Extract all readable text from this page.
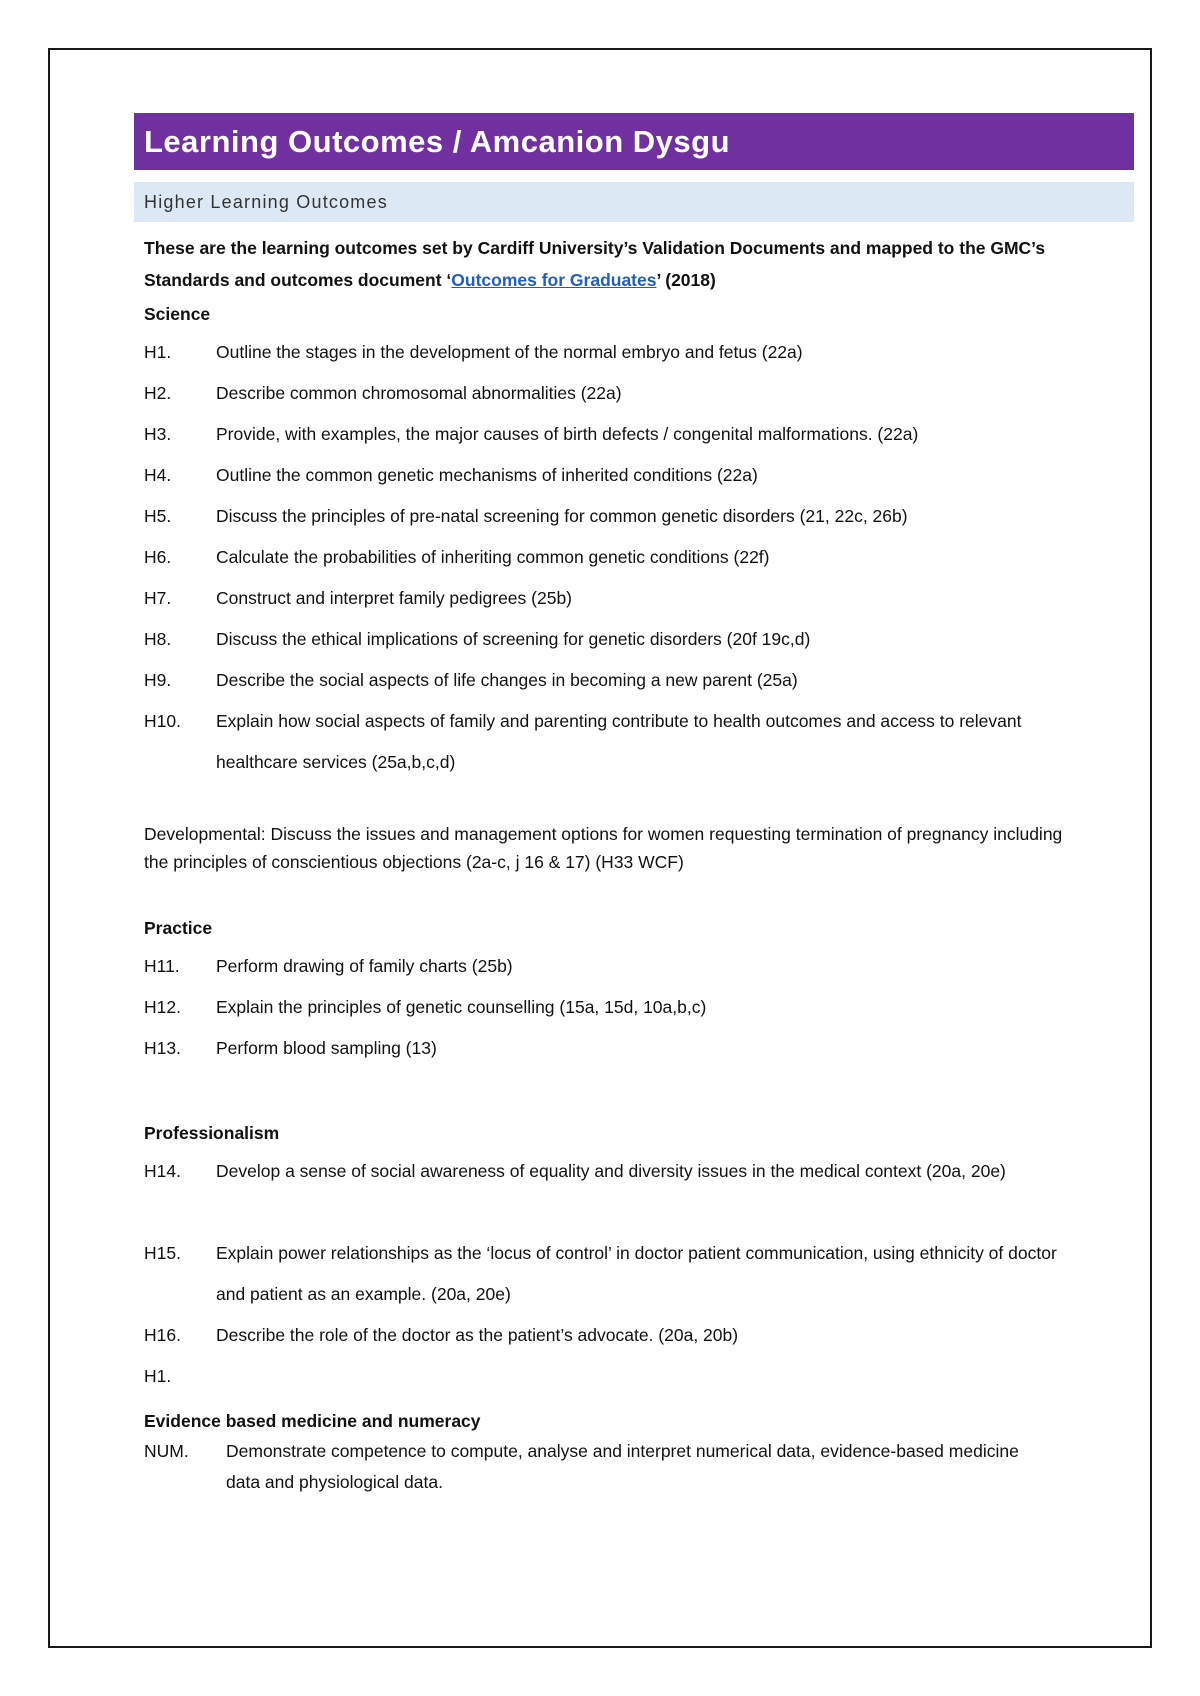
Learning Outcomes / Amcanion Dysgu
Higher Learning Outcomes
These are the learning outcomes set by Cardiff University’s Validation Documents and mapped to the GMC’s Standards and outcomes document ‘Outcomes for Graduates’ (2018)
Science
H1.	Outline the stages in the development of the normal embryo and fetus (22a)
H2.	Describe common chromosomal abnormalities (22a)
H3.	Provide, with examples, the major causes of birth defects / congenital malformations. (22a)
H4.	Outline the common genetic mechanisms of inherited conditions (22a)
H5.	Discuss the principles of pre-natal screening for common genetic disorders (21, 22c, 26b)
H6.	Calculate the probabilities of inheriting common genetic conditions (22f)
H7.	Construct and interpret family pedigrees (25b)
H8.	Discuss the ethical implications of screening for genetic disorders (20f 19c,d)
H9.	Describe the social aspects of life changes in becoming a new parent (25a)
H10. Explain how social aspects of family and parenting contribute to health outcomes and access to relevant healthcare services (25a,b,c,d)
Developmental: Discuss the issues and management options for women requesting termination of pregnancy including the principles of conscientious objections (2a-c, j 16 & 17) (H33 WCF)
Practice
H11. Perform drawing of family charts (25b)
H12. Explain the principles of genetic counselling (15a, 15d, 10a,b,c)
H13. Perform blood sampling (13)
Professionalism
H14. Develop a sense of social awareness of equality and diversity issues in the medical context (20a, 20e)
H15. Explain power relationships as the ‘locus of control’ in doctor patient communication, using ethnicity of doctor and patient as an example. (20a, 20e)
H16. Describe the role of the doctor as the patient’s advocate. (20a, 20b)
H1.
Evidence based medicine and numeracy
NUM. Demonstrate competence to compute, analyse and interpret numerical data, evidence-based medicine data and physiological data.
